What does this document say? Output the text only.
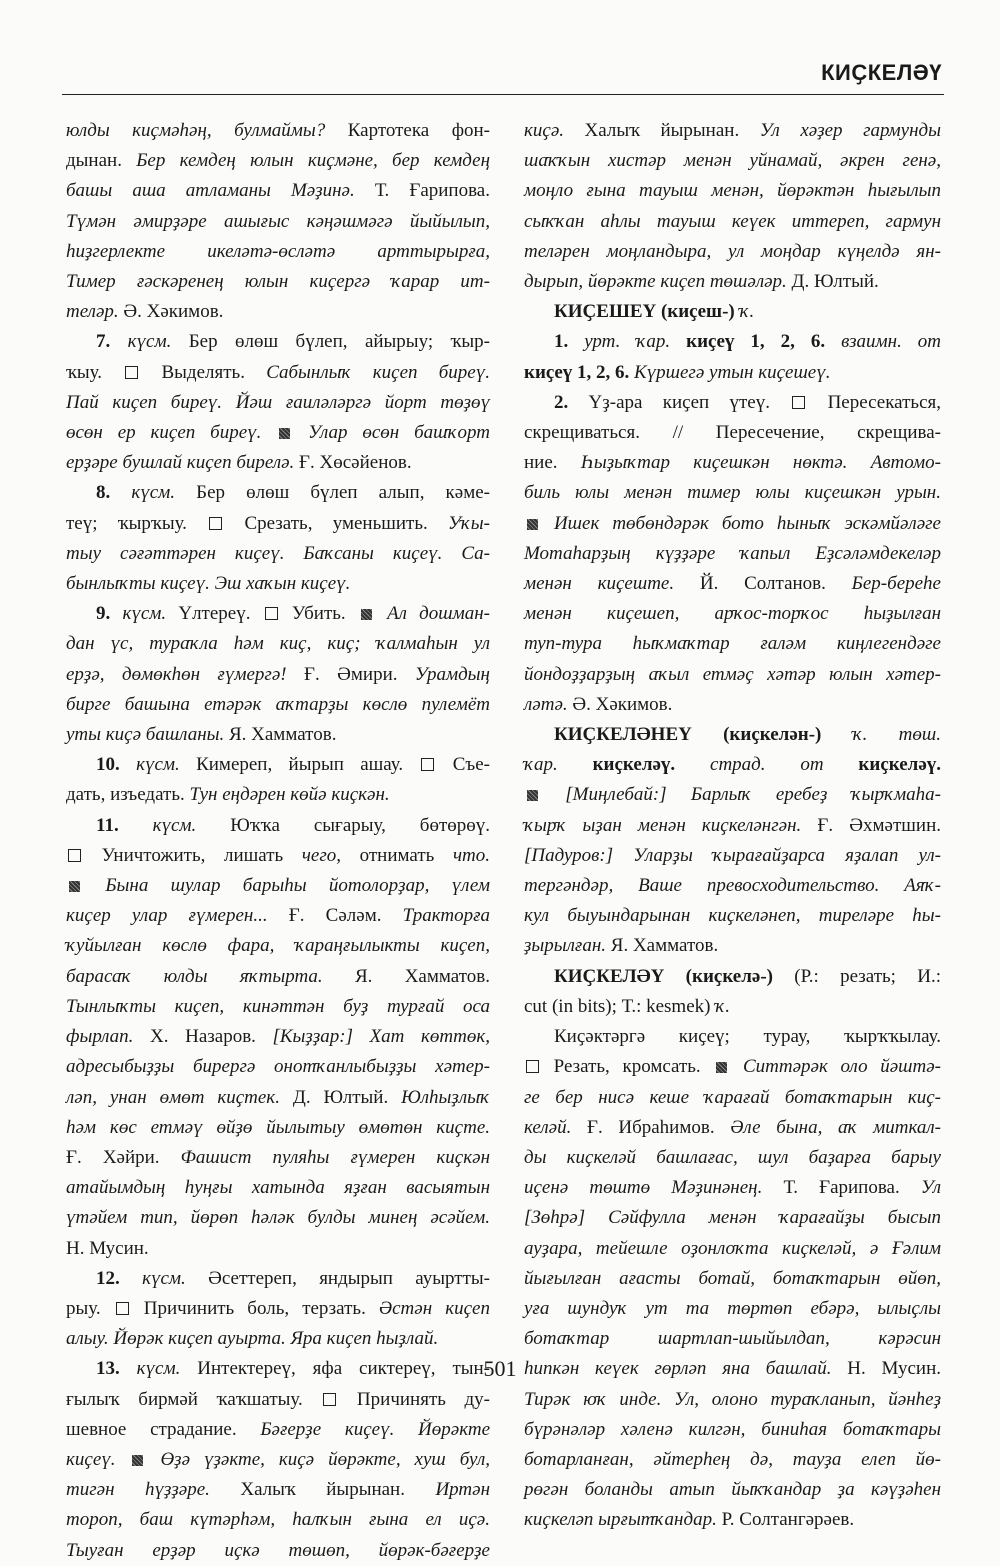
КИҪКЕЛӘҮ
юлды киҫмәһәң, булмаймы? Картотека фон-
дынан. Бер кемдең юлын киҫмәне, бер кемдең
башы аша атламаны Мәҙинә. Т. Ғарипова.
Түмән әмирҙәре ашығыс кәңәшмәгә йыйылып,
һиҙгерлекте икеләтә-өсләтә арттырырға,
Тимер ғәскәренең юлын киҫергә ҡарар ит-
теләр. Ә. Хәкимов.
7. күсм. Бер өлөш бүлеп, айырыу; ҡыр-
ҡыу.  Выделять. Сабынлыҡ киҫеп биреү.
Пай киҫеп биреү. Йәш ғаиләләргә йорт төҙөү
өсөн ер киҫеп биреү.  Улар өсөн башҡорт
ерҙәре бушлай киҫеп бирелә. Ғ. Хөсәйенов.
8. күсм. Бер өлөш бүлеп алып, кәме-
теү; ҡырҡыу.  Срезать, уменьшить. Уҡы-
тыу сәғәттәрен киҫеү. Баҡсаны киҫеү. Са-
бынлыҡты киҫеү. Эш хаҡын киҫеү.
9. күсм. Үлтереү.  Убить.  Ал дошман-
дан үс, тураҡла һәм киҫ, киҫ; ҡалмаһын ул
ерҙә, дөмөкһөн ғүмергә! Ғ. Әмири. Урамдың
бирге башына етәрәк аҡтарҙы көслө пулемёт
уты киҫә башланы. Я. Хамматов.
10. күсм. Кимереп, йырып ашау.  Съе-
дать, изъедать. Тун еңдәрен көйә киҫкән.
11. күсм. Юҡҡа сығарыу, бөтөрөү.
Уничтожить, лишать чего, отнимать что.
Бына шулар барыһы йотолорҙар, үлем
киҫер улар ғүмерен... Ғ. Сәләм. Тракторға
ҡуйылған көслө фара, ҡараңғылыкты киҫеп,
барасаҡ юлды яҡтырта. Я. Хамматов.
Тынлыҡты киҫеп, кинәттән буҙ турғай оса
фырлап. Х. Назаров. [Кыҙҙар:] Хат көттөк,
адресыбыҙҙы бирергә онотҡанлыбыҙҙы хәтер-
ләп, унан өмөт киҫтек. Д. Юлтый. Юлһыҙлыҡ
һәм көс етмәү өйҙө йылытыу өмөтөн киҫте.
Ғ. Хәйри. Фашист пуляһы ғүмерен киҫкән
атайымдың һуңғы хатында яҙған васыятын
үтәйем тип, йөрөп һәләк булды минең әсәйем.
Н. Мусин.
12. күсм. Әсеттереп, яндырып ауыртты-
рыу.  Причинить боль, терзать. Әстән киҫеп
алыу. Йөрәк киҫеп ауырта. Яра киҫеп һыҙлай.
13. күсм. Интектереү, яфа сиктереү, тын-
ғылыҡ бирмәй ҡаҡшатыу.  Причинять ду-
шевное страдание. Бәғерҙе киҫеү. Йөрәкте
киҫеү.  Өҙә үҙәкте, киҫә йөрәкте, хуш бул,
тигән һүҙҙәре. Халыҡ йырынан. Иртән
тороп, баш күтәрһәм, һалҡын ғына ел иҫә.
Тыуған ерҙәр иҫкә төшөп, йөрәк-бәғерҙе
киҫә. Халыҡ йырынан. Ул хәҙер гармунды
шаҡҡын хистәр менән уйнамай, әкрен генә,
моңло ғына тауыш менән, йөрәктән һығылып
сыҡҡан аһлы тауыш кеүек иттереп, гармун
теләрен моңландыра, ул моңдар күңелдә ян-
дырып, йөрәкте киҫеп төшәләр. Д. Юлтый.
КИҪЕШЕҮ (киҫеш-) ҡ.
1. урт. ҡар. киҫеү 1, 2, 6. взаимн. от
киҫеү 1, 2, 6. Күршегә утын киҫешеү.
2. Үҙ-ара киҫеп үтеү.  Пересекаться,
скрещиваться. // Пересечение, скрещива-
ние. Һыҙыҡтар киҫешкән нөктә. Автомо-
биль юлы менән тимер юлы киҫешкән урын.
Ишек төбөндәрәк бото һыныҡ эскәмйәләге
Мотаһарҙың күҙҙәре ҡапыл Еҙсәләмдекеләр
менән киҫеште. Й. Солтанов. Бер-береһе
менән киҫешеп, арҡос-торҡос һыҙылған
туп-тура һыҡмаҡтар ғаләм киңлегендәге
йондоҙҙарҙың аҡыл етмәҫ хәтәр юлын хәтер-
ләтә. Ә. Хәкимов.
КИҪКЕЛӘНЕҮ (киҫкелән-) ҡ. төш.
ҡар. киҫкеләү. страд. от киҫкеләү.
[Миңлебай:] Барлыҡ еребеҙ ҡырҡмаһа-
ҡырҡ ыҙан менән киҫкеләнгән. Ғ. Әхмәтшин.
[Падуров:] Уларҙы ҡырағайҙарса яҙалап ул-
тергәндәр, Ваше превосходительство. Аяҡ-
кул быуындарынан киҫкеләнеп, тиреләре һы-
ҙырылған. Я. Хамматов.
КИҪКЕЛӘҮ (киҫкелә-) (Р.: резать; И.:
cut (in bits); Т.: kesmek) ҡ.
Киҫәктәргә киҫеү; турау, ҡырҡҡылау.
Резать, кромсать.  Ситтәрәк оло йәштә-
ге бер нисә кеше ҡарағай ботаҡтарын киҫ-
келәй. Ғ. Ибраһимов. Әле бына, аҡ миткал-
ды киҫкеләй башлағас, шул баҙарға барыу
иҫенә төштө Мәҙинәнең. Т. Ғарипова. Ул
[Зөһрә] Сәйфулла менән ҡарағайҙы бысып
ауҙара, тейешле оҙонлоҡта киҫкеләй, ә Ғәлим
йығылған ағасты ботай, ботаҡтарын өйөп,
уға шундуҡ ут та төртөп ебәрә, ылыҫлы
ботаҡтар шартлап-шыйылдап, кәрәсин
һипкән кеүек гөрләп яна башлай. Н. Мусин.
Тирәк юҡ инде. Ул, олоно тураҡланып, йәнһеҙ
бүрәнәләр хәленә килгән, биниһая ботаҡтары
ботарланған, әйтерһең дә, тауҙа елеп йө-
рөгән боланды атып йыҡҡандар ҙа кәүҙәһен
киҫкеләп ырғытҡандар. Р. Солтангәрәев.
501
